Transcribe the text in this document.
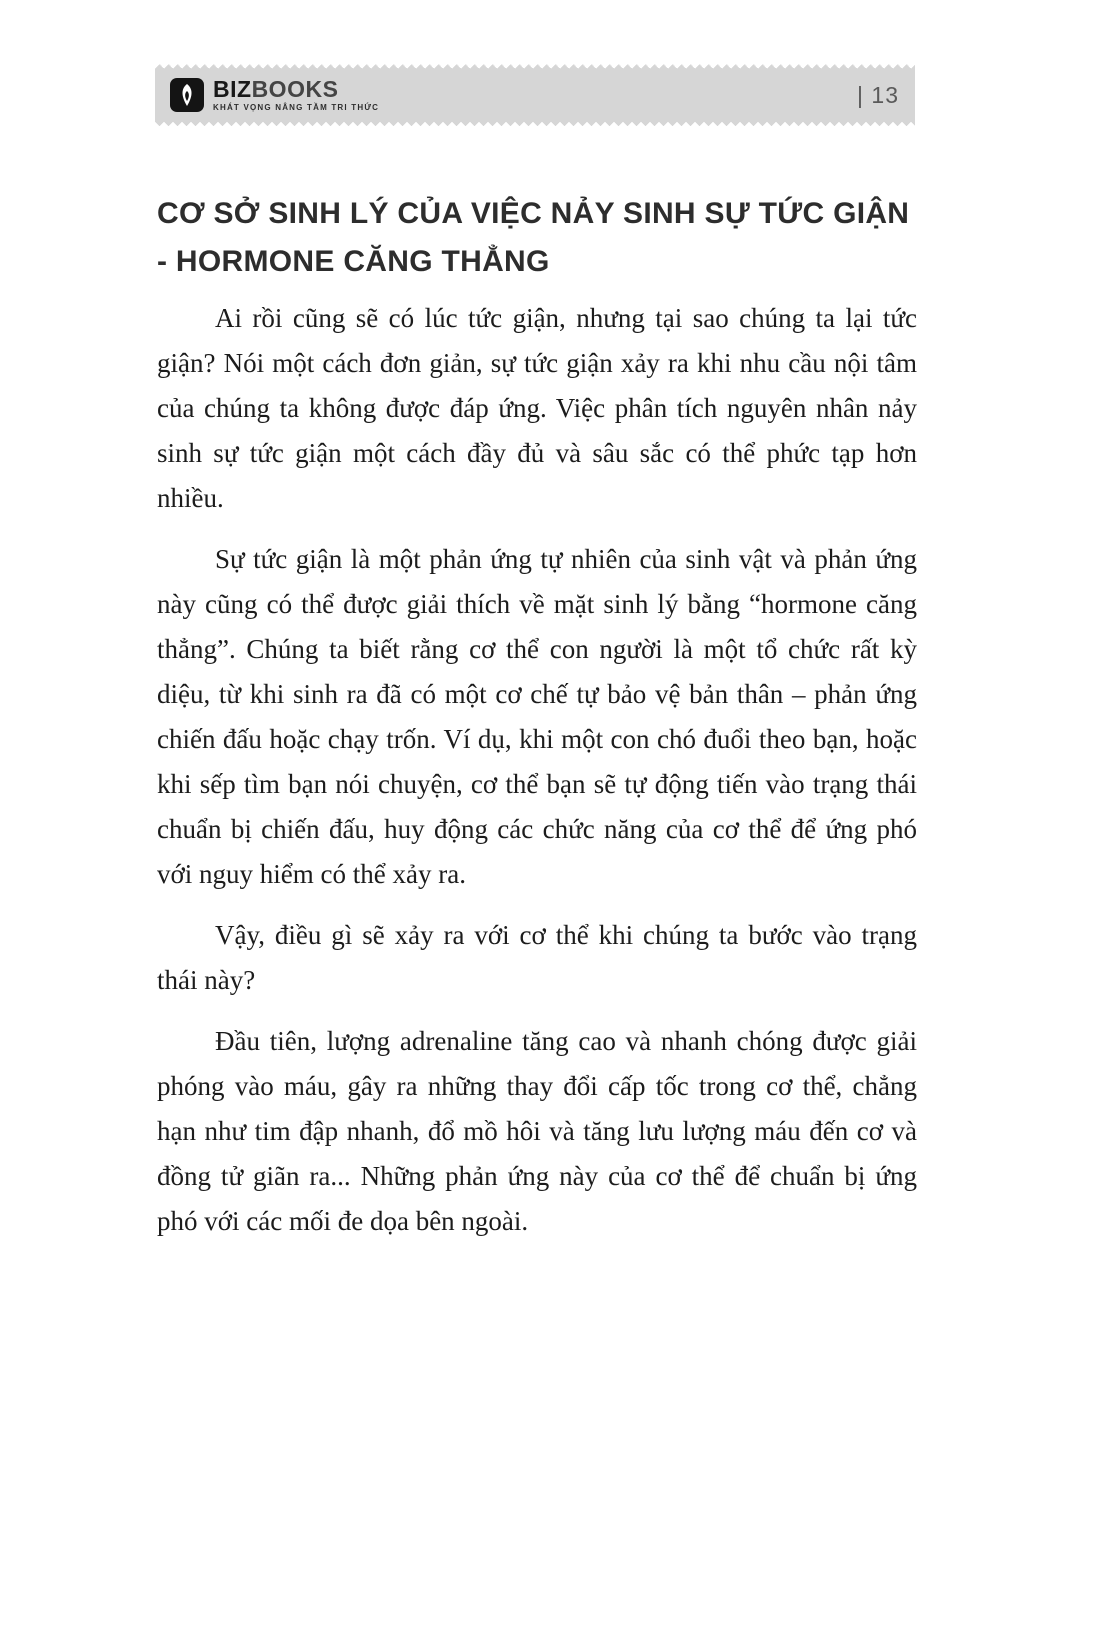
BIZBOOKS
KHÁT VỌNG NÂNG TẦM TRI THỨC	| 13
CƠ SỞ SINH LÝ CỦA VIỆC NẢY SINH SỰ TỨC GIẬN
- HORMONE CĂNG THẲNG

Ai rồi cũng sẽ có lúc tức giận, nhưng tại sao chúng ta lại tức giận? Nói một cách đơn giản, sự tức giận xảy ra khi nhu cầu nội tâm của chúng ta không được đáp ứng. Việc phân tích nguyên nhân nảy sinh sự tức giận một cách đầy đủ và sâu sắc có thể phức tạp hơn nhiều.

Sự tức giận là một phản ứng tự nhiên của sinh vật và phản ứng này cũng có thể được giải thích về mặt sinh lý bằng “hormone căng thẳng”. Chúng ta biết rằng cơ thể con người là một tổ chức rất kỳ diệu, từ khi sinh ra đã có một cơ chế tự bảo vệ bản thân – phản ứng chiến đấu hoặc chạy trốn. Ví dụ, khi một con chó đuổi theo bạn, hoặc khi sếp tìm bạn nói chuyện, cơ thể bạn sẽ tự động tiến vào trạng thái chuẩn bị chiến đấu, huy động các chức năng của cơ thể để ứng phó với nguy hiểm có thể xảy ra.

Vậy, điều gì sẽ xảy ra với cơ thể khi chúng ta bước vào trạng thái này?

Đầu tiên, lượng adrenaline tăng cao và nhanh chóng được giải phóng vào máu, gây ra những thay đổi cấp tốc trong cơ thể, chẳng hạn như tim đập nhanh, đổ mồ hôi và tăng lưu lượng máu đến cơ và đồng tử giãn ra... Những phản ứng này của cơ thể để chuẩn bị ứng phó với các mối đe dọa bên ngoài.
